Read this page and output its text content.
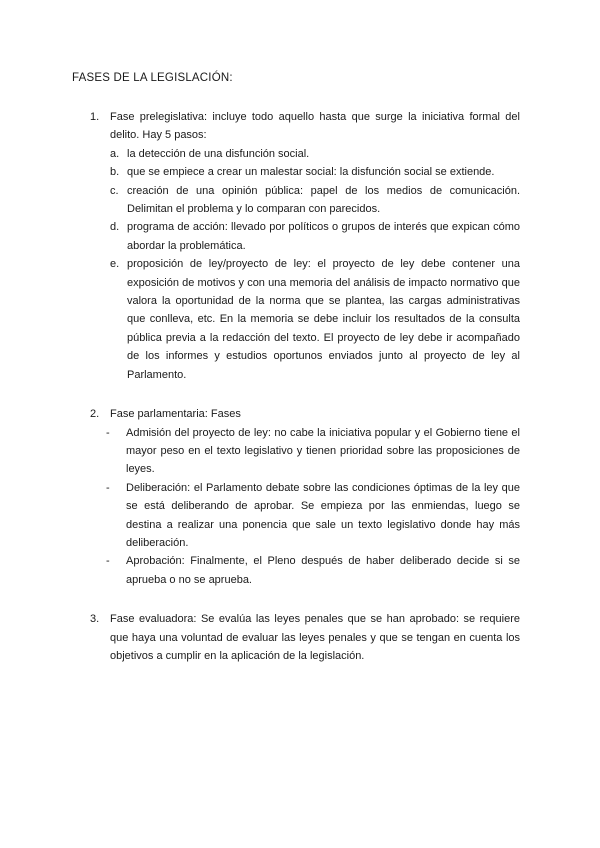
FASES DE LA LEGISLACIÓN:
1. Fase prelegislativa: incluye todo aquello hasta que surge la iniciativa formal del delito. Hay 5 pasos:

a. la detección de una disfunción social.
b. que se empiece a crear un malestar social: la disfunción social se extiende.
c. creación de una opinión pública: papel de los medios de comunicación. Delimitan el problema y lo comparan con parecidos.
d. programa de acción: llevado por políticos o grupos de interés que expican cómo abordar la problemática.
e. proposición de ley/proyecto de ley: el proyecto de ley debe contener una exposición de motivos y con una memoria del análisis de impacto normativo que valora la oportunidad de la norma que se plantea, las cargas administrativas que conlleva, etc. En la memoria se debe incluir los resultados de la consulta pública previa a la redacción del texto. El proyecto de ley debe ir acompañado de los informes y estudios oportunos enviados junto al proyecto de ley al Parlamento.
2. Fase parlamentaria: Fases

- Admisión del proyecto de ley: no cabe la iniciativa popular y el Gobierno tiene el mayor peso en el texto legislativo y tienen prioridad sobre las proposiciones de leyes.
- Deliberación: el Parlamento debate sobre las condiciones óptimas de la ley que se está deliberando de aprobar. Se empieza por las enmiendas, luego se destina a realizar una ponencia que sale un texto legislativo donde hay más deliberación.
- Aprobación: Finalmente, el Pleno después de haber deliberado decide si se aprueba o no se aprueba.
3. Fase evaluadora: Se evalúa las leyes penales que se han aprobado: se requiere que haya una voluntad de evaluar las leyes penales y que se tengan en cuenta los objetivos a cumplir en la aplicación de la legislación.
